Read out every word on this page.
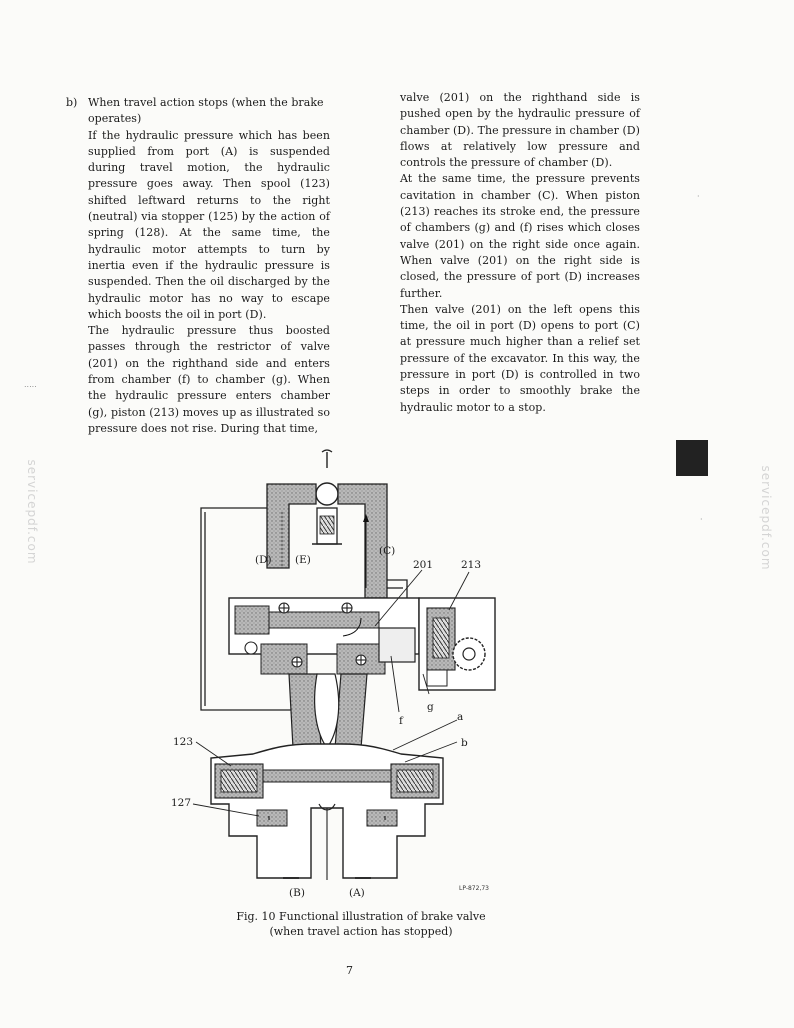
servicepdf.com	servicepdf.com
·
.....
·
b) When travel action stops (when the brake operates)

If the hydraulic pressure which has been supplied from port (A) is suspended during travel motion, the hydraulic pressure goes away. Then spool (123) shifted leftward returns to the right (neutral) via stopper (125) by the action of spring (128). At the same time, the hydraulic motor attempts to turn by inertia even if the hydraulic pressure is suspended. Then the oil discharged by the hydraulic motor has no way to escape which boosts the oil in port (D).

The hydraulic pressure thus boosted passes through the restrictor of valve (201) on the righthand side and enters from chamber (f) to chamber (g). When the hydraulic pressure enters chamber (g), piston (213) moves up as illustrated so pressure does not rise. During that time,

valve (201) on the righthand side is pushed open by the hydraulic pressure of chamber (D). The pressure in chamber (D) flows at relatively low pressure and controls the pressure of chamber (D).

At the same time, the pressure prevents cavitation in chamber (C). When piston (213) reaches its stroke end, the pressure of chambers (g) and (f) rises which closes valve (201) on the right side once again. When valve (201) on the right side is closed, the pressure of port (D) increases further.

Then valve (201) on the left opens this time, the oil in port (D) opens to port (C) at pressure much higher than a relief set pressure of the excavator. In this way, the pressure in port (D) is controlled in two steps in order to smoothly brake the hydraulic motor to a stop.

(D) (E)
(C)
201	213
a
b
f
g
123
127
(B)	(A)	LP-872,73
Fig. 10 Functional illustration of brake valve
(when travel action has stopped)
7
